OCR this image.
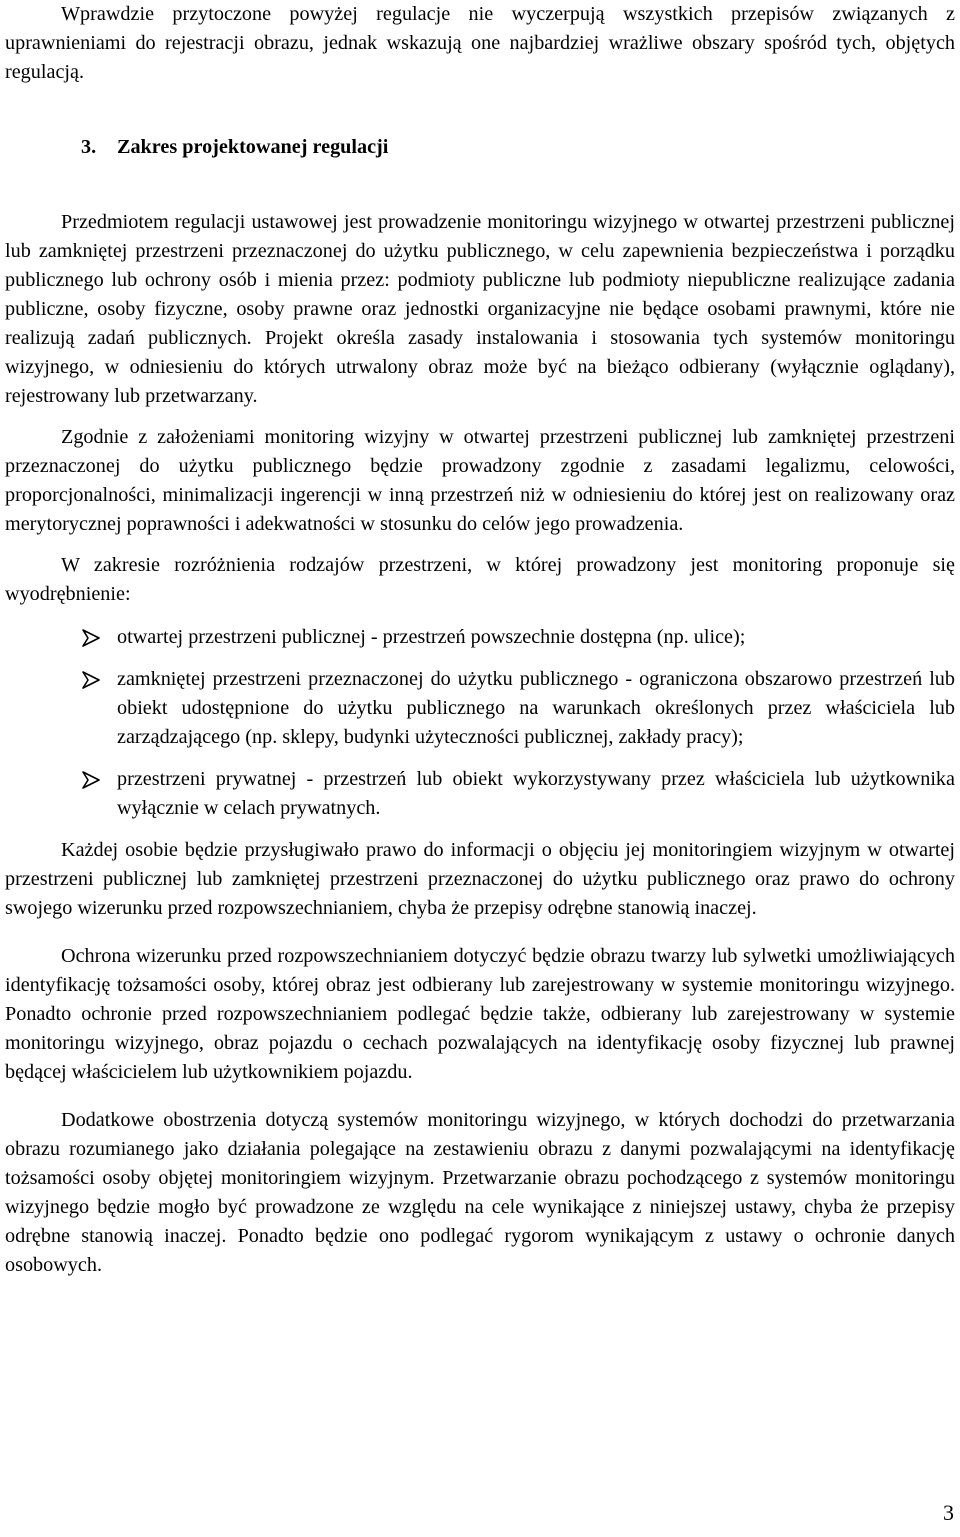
Wprawdzie przytoczone powyżej regulacje nie wyczerpują wszystkich przepisów związanych z uprawnieniami do rejestracji obrazu, jednak wskazują one najbardziej wrażliwe obszary spośród tych, objętych regulacją.

3.	Zakres projektowanej regulacji

Przedmiotem regulacji ustawowej jest prowadzenie monitoringu wizyjnego w otwartej przestrzeni publicznej lub zamkniętej przestrzeni przeznaczonej do użytku publicznego, w celu zapewnienia bezpieczeństwa i porządku publicznego lub ochrony osób i mienia przez: podmioty publiczne lub podmioty niepubliczne realizujące zadania publiczne, osoby fizyczne, osoby prawne oraz jednostki organizacyjne nie będące osobami prawnymi, które nie realizują zadań publicznych. Projekt określa zasady instalowania i stosowania tych systemów monitoringu wizyjnego, w odniesieniu do których utrwalony obraz może być na bieżąco odbierany (wyłącznie oglądany), rejestrowany lub przetwarzany.

Zgodnie z założeniami monitoring wizyjny w otwartej przestrzeni publicznej lub zamkniętej przestrzeni przeznaczonej do użytku publicznego będzie prowadzony zgodnie z zasadami legalizmu, celowości, proporcjonalności, minimalizacji ingerencji w inną przestrzeń niż w odniesieniu do której jest on realizowany oraz merytorycznej poprawności i adekwatności w stosunku do celów jego prowadzenia.

W zakresie rozróżnienia rodzajów przestrzeni, w której prowadzony jest monitoring proponuje się wyodrębnienie:

otwartej przestrzeni publicznej - przestrzeń powszechnie dostępna (np. ulice);
zamkniętej przestrzeni przeznaczonej do użytku publicznego - ograniczona obszarowo przestrzeń lub obiekt udostępnione do użytku publicznego na warunkach określonych przez właściciela lub zarządzającego (np. sklepy, budynki użyteczności publicznej, zakłady pracy);
przestrzeni prywatnej - przestrzeń lub obiekt wykorzystywany przez właściciela lub użytkownika wyłącznie w celach prywatnych.

Każdej osobie będzie przysługiwało prawo do informacji o objęciu jej monitoringiem wizyjnym w otwartej przestrzeni publicznej lub zamkniętej przestrzeni przeznaczonej do użytku publicznego oraz prawo do ochrony swojego wizerunku przed rozpowszechnianiem, chyba że przepisy odrębne stanowią inaczej.

Ochrona wizerunku przed rozpowszechnianiem dotyczyć będzie obrazu twarzy lub sylwetki umożliwiających identyfikację tożsamości osoby, której obraz jest odbierany lub zarejestrowany w systemie monitoringu wizyjnego. Ponadto ochronie przed rozpowszechnianiem podlegać będzie także, odbierany lub zarejestrowany w systemie monitoringu wizyjnego, obraz pojazdu o cechach pozwalających na identyfikację osoby fizycznej lub prawnej będącej właścicielem lub użytkownikiem pojazdu.

Dodatkowe obostrzenia dotyczą systemów monitoringu wizyjnego, w których dochodzi do przetwarzania obrazu rozumianego jako działania polegające na zestawieniu obrazu z danymi pozwalającymi na identyfikację tożsamości osoby objętej monitoringiem wizyjnym. Przetwarzanie obrazu pochodzącego z systemów monitoringu wizyjnego będzie mogło być prowadzone ze względu na cele wynikające z niniejszej ustawy, chyba że przepisy odrębne stanowią inaczej. Ponadto będzie ono podlegać rygorom wynikającym z ustawy o ochronie danych osobowych.

3
